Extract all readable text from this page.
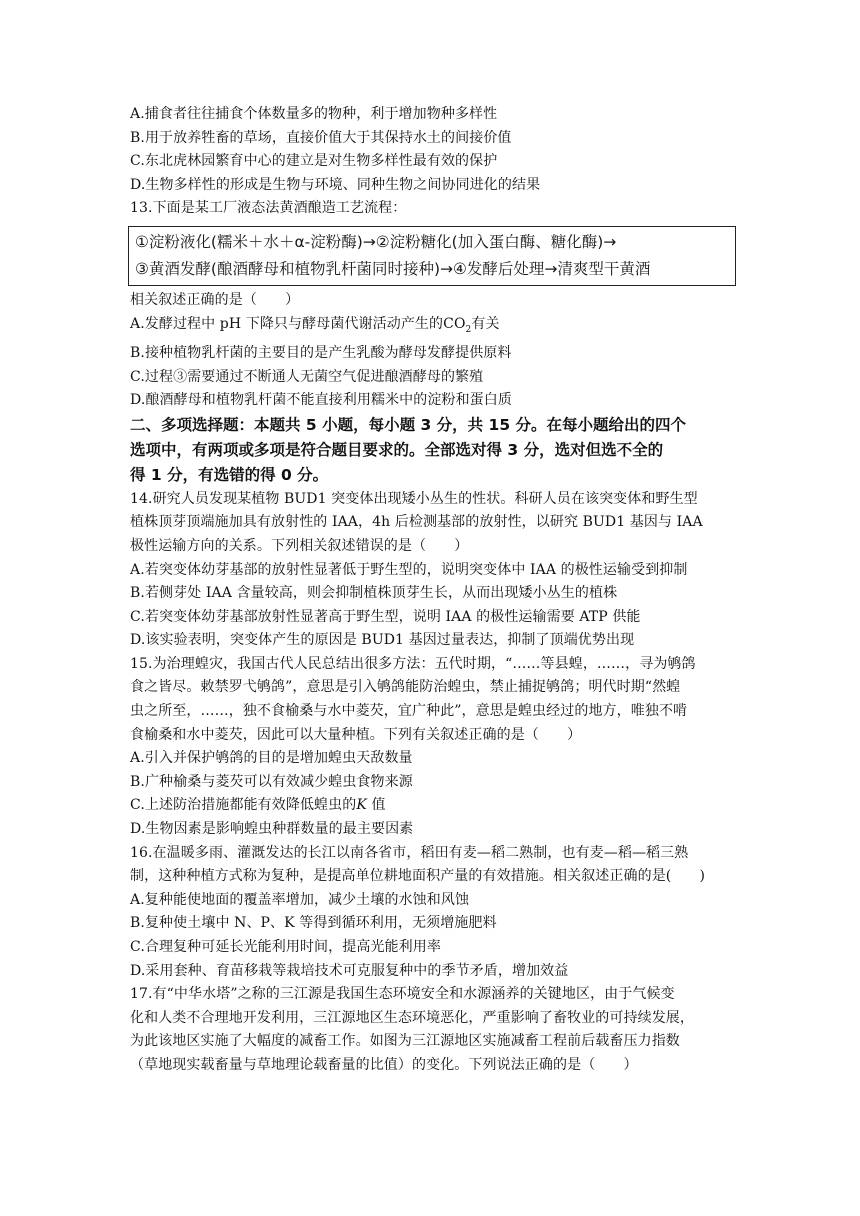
A.捕食者往往捕食个体数量多的物种，利于增加物种多样性
B.用于放养牲畜的草场，直接价值大于其保持水土的间接价值
C.东北虎林园繁育中心的建立是对生物多样性最有效的保护
D.生物多样性的形成是生物与环境、同种生物之间协同进化的结果
13.下面是某工厂液态法黄酒酿造工艺流程：
①淀粉液化(糯米＋水＋α-淀粉酶)→②淀粉糖化(加入蛋白酶、糖化酶)→
③黄酒发酵(酿酒酵母和植物乳杆菌同时接种)→④发酵后处理→清爽型干黄酒
相关叙述正确的是（　　）
A.发酵过程中 pH 下降只与酵母菌代谢活动产生的$CO_2$有关
B.接种植物乳杆菌的主要目的是产生乳酸为酵母发酵提供原料
C.过程③需要通过不断通人无菌空气促进酿酒酵母的繁殖
D.酿酒酵母和植物乳杆菌不能直接利用糯米中的淀粉和蛋白质
二、多项选择题：本题共 5 小题，每小题 3 分，共 15 分。在每小题给出的四个
选项中，有两项或多项是符合题目要求的。全部选对得 3 分，选对但选不全的
得 1 分，有选错的得 0 分。
14.研究人员发现某植物 BUD1 突变体出现矮小丛生的性状。科研人员在该突变体和野生型
植株顶芽顶端施加具有放射性的 IAA，4h 后检测基部的放射性，以研究 BUD1 基因与 IAA
极性运输方向的关系。下列相关叙述错误的是（　　）
A.若突变体幼芽基部的放射性显著低于野生型的，说明突变体中 IAA 的极性运输受到抑制
B.若侧芽处 IAA 含量较高，则会抑制植株顶芽生长，从而出现矮小丛生的植株
C.若突变体幼芽基部放射性显著高于野生型，说明 IAA 的极性运输需要 ATP 供能
D.该实验表明，突变体产生的原因是 BUD1 基因过量表达，抑制了顶端优势出现
15.为治理蝗灾，我国古代人民总结出很多方法：五代时期，“……等县蝗，……，寻为鸲鸽
食之皆尽。敕禁罗弋鸲鸽”，意思是引入鸲鸽能防治蝗虫，禁止捕捉鸲鸽；明代时期“然蝗
虫之所至，……，独不食榆桑与水中菱芡，宜广种此”，意思是蝗虫经过的地方，唯独不啃
食榆桑和水中菱芡，因此可以大量种植。下列有关叙述正确的是（　　）
A.引入并保护鸲鸽的目的是增加蝗虫天敌数量
B.广种榆桑与菱芡可以有效减少蝗虫食物来源
C.上述防治措施都能有效降低蝗虫的K 值
D.生物因素是影响蝗虫种群数量的最主要因素
16.在温暖多雨、灌溉发达的长江以南各省市，稻田有麦—稻二熟制，也有麦—稻—稻三熟
制，这种种植方式称为复种，是提高单位耕地面积产量的有效措施。相关叙述正确的是(　　)
A.复种能使地面的覆盖率增加，减少土壤的水蚀和风蚀
B.复种使土壤中 N、P、K 等得到循环利用，无须增施肥料
C.合理复种可延长光能利用时间，提高光能利用率
D.采用套种、育苗移栽等栽培技术可克服复种中的季节矛盾，增加效益
17.有“中华水塔”之称的三江源是我国生态环境安全和水源涵养的关键地区，由于气候变
化和人类不合理地开发利用，三江源地区生态环境恶化，严重影响了畜牧业的可持续发展，
为此该地区实施了大幅度的减畜工作。如图为三江源地区实施减畜工程前后载畜压力指数
（草地现实载畜量与草地理论载畜量的比值）的变化。下列说法正确的是（　　）
